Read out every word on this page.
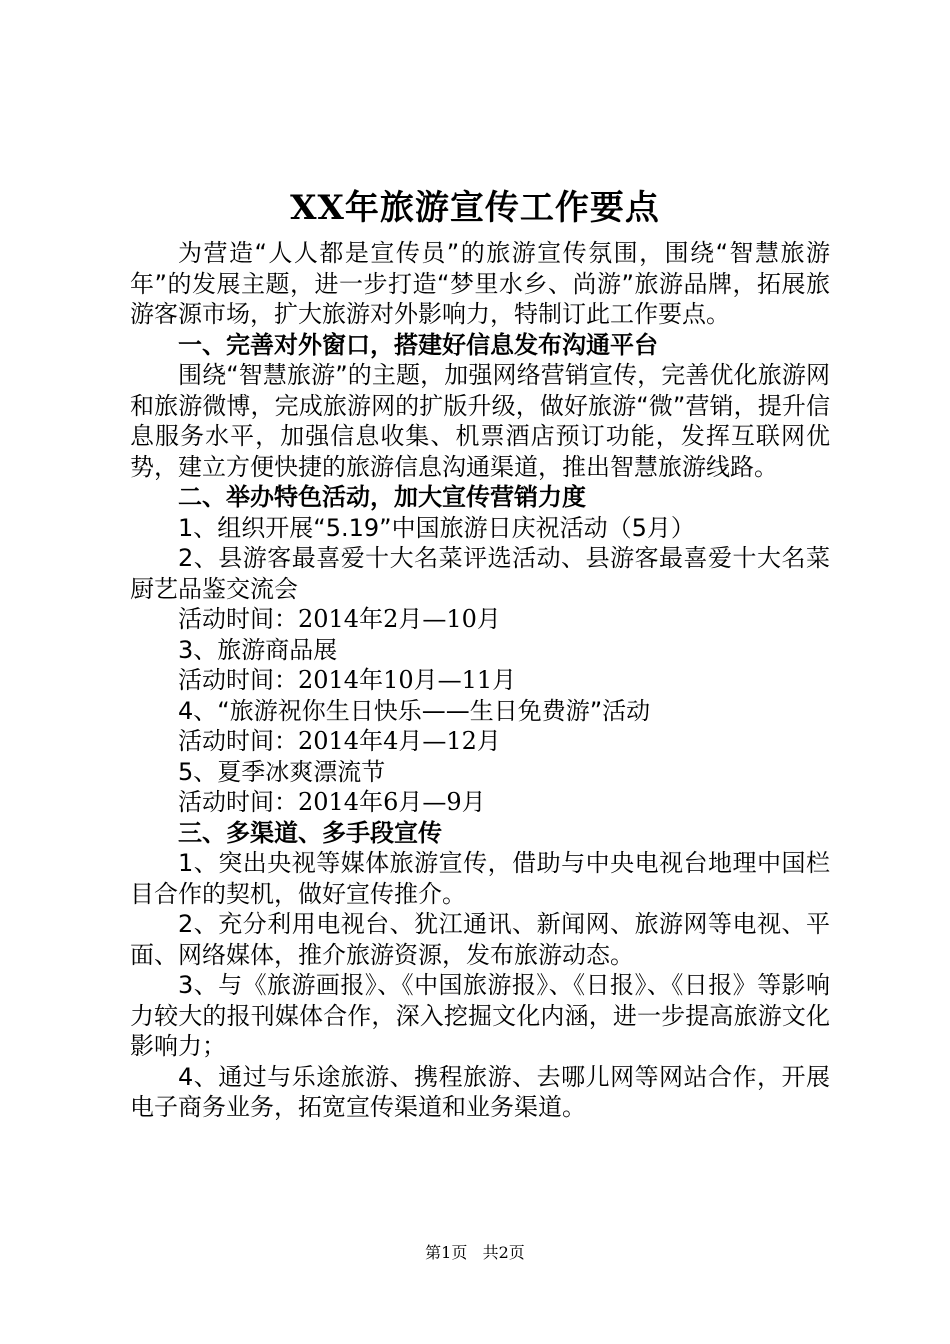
XX年旅游宣传工作要点

为营造“人人都是宣传员”的旅游宣传氛围，围绕“智慧旅游年”的发展主题，进一步打造“梦里水乡、尚游”旅游品牌，拓展旅游客源市场，扩大旅游对外影响力，特制订此工作要点。

一、完善对外窗口，搭建好信息发布沟通平台

围绕“智慧旅游”的主题，加强网络营销宣传，完善优化旅游网和旅游微博，完成旅游网的扩版升级，做好旅游“微”营销，提升信息服务水平，加强信息收集、机票酒店预订功能，发挥互联网优势，建立方便快捷的旅游信息沟通渠道，推出智慧旅游线路。

二、举办特色活动，加大宣传营销力度

1、组织开展“5.19”中国旅游日庆祝活动（5月）

2、县游客最喜爱十大名菜评选活动、县游客最喜爱十大名菜厨艺品鉴交流会

活动时间：2014年2月—10月

3、旅游商品展

活动时间：2014年10月—11月

4、“旅游祝你生日快乐——生日免费游”活动

活动时间：2014年4月—12月

5、夏季冰爽漂流节

活动时间：2014年6月—9月

三、多渠道、多手段宣传

1、突出央视等媒体旅游宣传，借助与中央电视台地理中国栏目合作的契机，做好宣传推介。

2、充分利用电视台、犹江通讯、新闻网、旅游网等电视、平面、网络媒体，推介旅游资源，发布旅游动态。

3、与《旅游画报》、《中国旅游报》、《日报》、《日报》等影响力较大的报刊媒体合作，深入挖掘文化内涵，进一步提高旅游文化影响力；

4、通过与乐途旅游、携程旅游、去哪儿网等网站合作，开展电子商务业务，拓宽宣传渠道和业务渠道。

第1页 共2页
